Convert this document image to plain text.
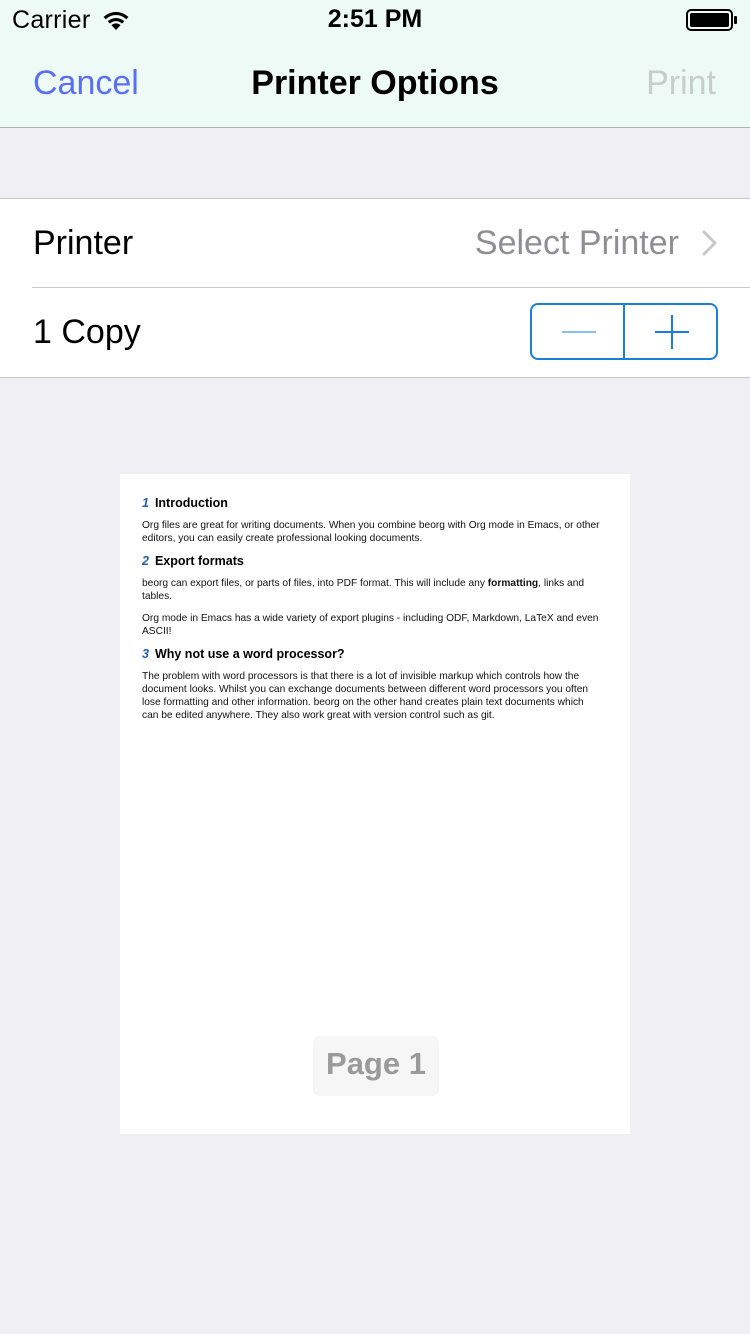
Carrier	2:51 PM
Cancel	Printer Options	Print
Printer	Select Printer
1 Copy
1 Introduction

Org files are great for writing documents. When you combine beorg with Org mode in Emacs, or other editors, you can easily create professional looking documents.

2 Export formats

beorg can export files, or parts of files, into PDF format. This will include any formatting, links and tables.

Org mode in Emacs has a wide variety of export plugins - including ODF, Markdown, LaTeX and even ASCII!

3 Why not use a word processor?

The problem with word processors is that there is a lot of invisible markup which controls how the document looks. Whilst you can exchange documents between different word processors you often lose formatting and other information. beorg on the other hand creates plain text documents which can be edited anywhere. They also work great with version control such as git.

Page 1
